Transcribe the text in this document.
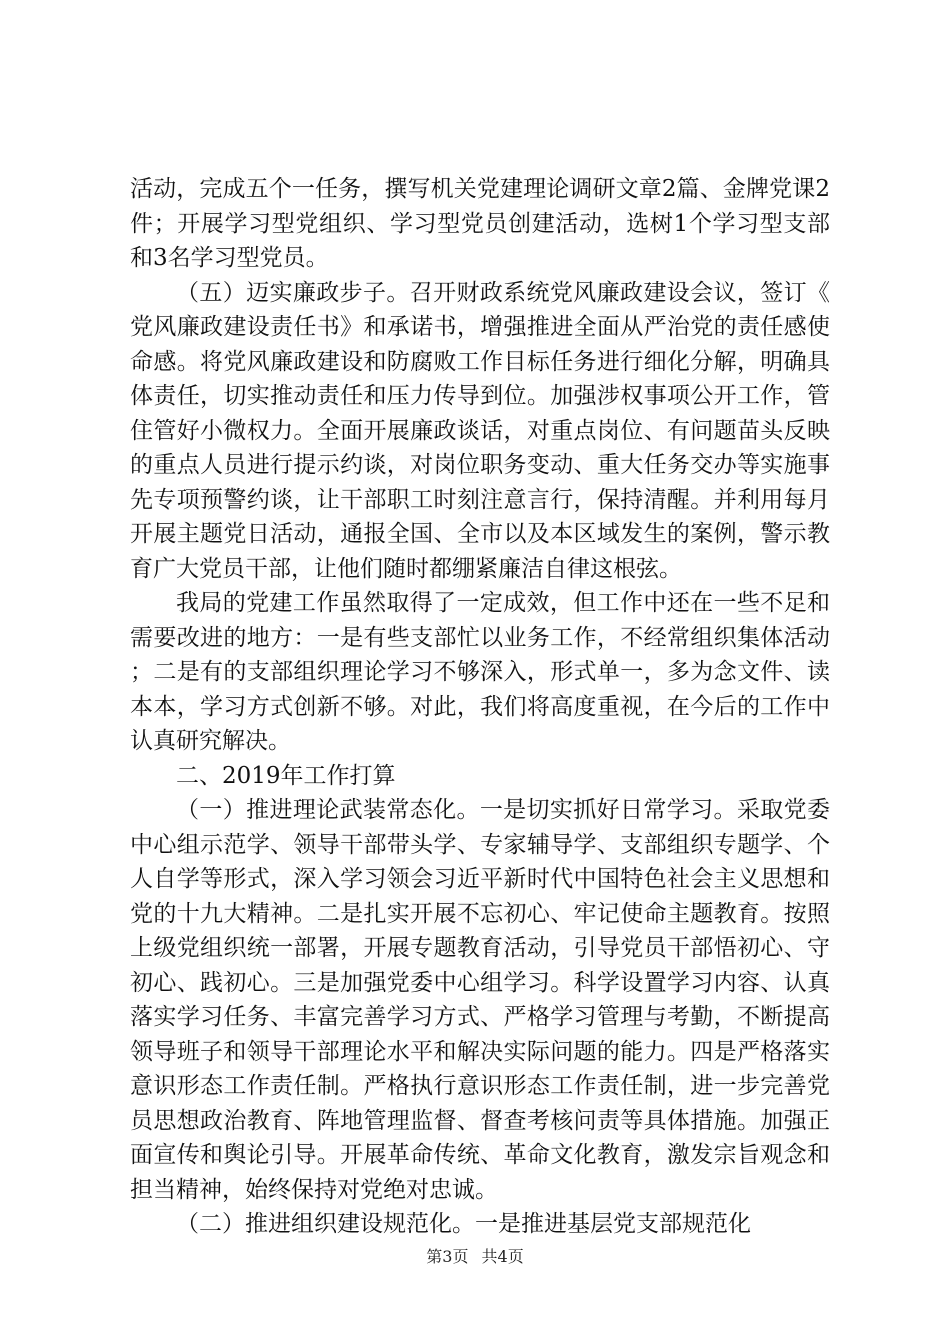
活动，完成五个一任务，撰写机关党建理论调研文章2篇、金牌党课2件；开展学习型党组织、学习型党员创建活动，选树1个学习型支部和3名学习型党员。

（五）迈实廉政步子。召开财政系统党风廉政建设会议，签订《党风廉政建设责任书》和承诺书，增强推进全面从严治党的责任感使命感。将党风廉政建设和防腐败工作目标任务进行细化分解，明确具体责任，切实推动责任和压力传导到位。加强涉权事项公开工作，管住管好小微权力。全面开展廉政谈话，对重点岗位、有问题苗头反映的重点人员进行提示约谈，对岗位职务变动、重大任务交办等实施事先专项预警约谈，让干部职工时刻注意言行，保持清醒。并利用每月开展主题党日活动，通报全国、全市以及本区域发生的案例，警示教育广大党员干部，让他们随时都绷紧廉洁自律这根弦。

我局的党建工作虽然取得了一定成效，但工作中还在一些不足和需要改进的地方：一是有些支部忙以业务工作，不经常组织集体活动；二是有的支部组织理论学习不够深入，形式单一，多为念文件、读本本，学习方式创新不够。对此，我们将高度重视，在今后的工作中认真研究解决。

二、2019年工作打算

（一）推进理论武装常态化。一是切实抓好日常学习。采取党委中心组示范学、领导干部带头学、专家辅导学、支部组织专题学、个人自学等形式，深入学习领会习近平新时代中国特色社会主义思想和党的十九大精神。二是扎实开展不忘初心、牢记使命主题教育。按照上级党组织统一部署，开展专题教育活动，引导党员干部悟初心、守初心、践初心。三是加强党委中心组学习。科学设置学习内容、认真落实学习任务、丰富完善学习方式、严格学习管理与考勤，不断提高领导班子和领导干部理论水平和解决实际问题的能力。四是严格落实意识形态工作责任制。严格执行意识形态工作责任制，进一步完善党员思想政治教育、阵地管理监督、督查考核问责等具体措施。加强正面宣传和舆论引导。开展革命传统、革命文化教育，激发宗旨观念和担当精神，始终保持对党绝对忠诚。

（二）推进组织建设规范化。一是推进基层党支部规范化

第3页 共4页
